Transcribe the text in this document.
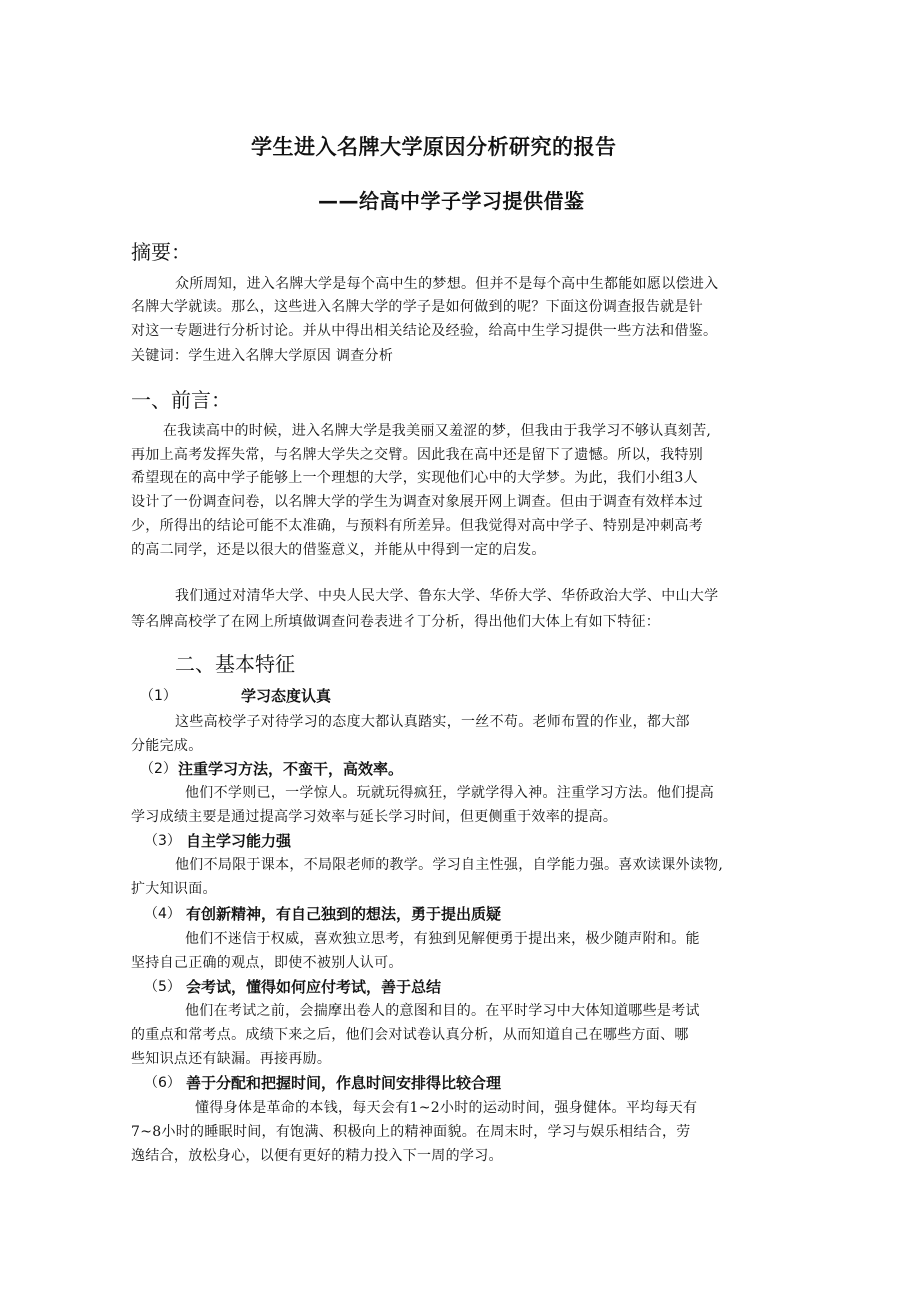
学生进入名牌大学原因分析研究的报告
——给高中学子学习提供借鉴
摘要：

众所周知，进入名牌大学是每个高中生的梦想。但并不是每个高中生都能如愿以偿进入

名牌大学就读。那么，这些进入名牌大学的学子是如何做到的呢？下面这份调查报告就是针

对这一专题进行分析讨论。并从中得出相关结论及经验，给高中生学习提供一些方法和借鉴。

关键词：学生进入名牌大学原因 调查分析

一、前言：

在我读高中的时候，进入名牌大学是我美丽又羞涩的梦，但我由于我学习不够认真刻苦,

再加上高考发挥失常，与名牌大学失之交臂。因此我在高中还是留下了遗憾。所以，我特别

希望现在的高中学子能够上一个理想的大学，实现他们心中的大学梦。为此，我们小组3人

设计了一份调查问卷，以名牌大学的学生为调查对象展开网上调查。但由于调查有效样本过

少，所得出的结论可能不太准确，与预料有所差异。但我觉得对高中学子、特别是冲刺高考

的高二同学，还是以很大的借鉴意义，并能从中得到一定的启发。

我们通过对清华大学、中央人民大学、鲁东大学、华侨大学、华侨政治大学、中山大学

等名牌高校学了在网上所填做调查问卷表进彳丁分析，得出他们大体上有如下特征：

二、基本特征
（1）	学习态度认真

这些高校学子对待学习的态度大都认真踏实，一丝不苟。老师布置的作业，都大部

分能完成。

（2） 注重学习方法，不蛮干，高效率。

他们不学则已，一学惊人。玩就玩得疯狂，学就学得入神。注重学习方法。他们提高

学习成绩主要是通过提高学习效率与延长学习时间，但更侧重于效率的提高。

（3） 自主学习能力强

他们不局限于课本，不局限老师的教学。学习自主性强，自学能力强。喜欢读课外读物,

扩大知识面。

（4） 有创新精神，有自己独到的想法，勇于提出质疑

他们不迷信于权威，喜欢独立思考，有独到见解便勇于提出来，极少随声附和。能

坚持自己正确的观点，即使不被别人认可。

（5） 会考试，懂得如何应付考试，善于总结

他们在考试之前，会揣摩出卷人的意图和目的。在平时学习中大体知道哪些是考试

的重点和常考点。成绩下来之后，他们会对试卷认真分析，从而知道自己在哪些方面、哪

些知识点还有缺漏。再接再励。

（6） 善于分配和把握时间，作息时间安排得比较合理

懂得身体是革命的本钱，每天会有1~2小时的运动时间，强身健体。平均每天有

7~8小时的睡眠时间，有饱满、积极向上的精神面貌。在周末时，学习与娱乐相结合，劳

逸结合，放松身心，以便有更好的精力投入下一周的学习。
